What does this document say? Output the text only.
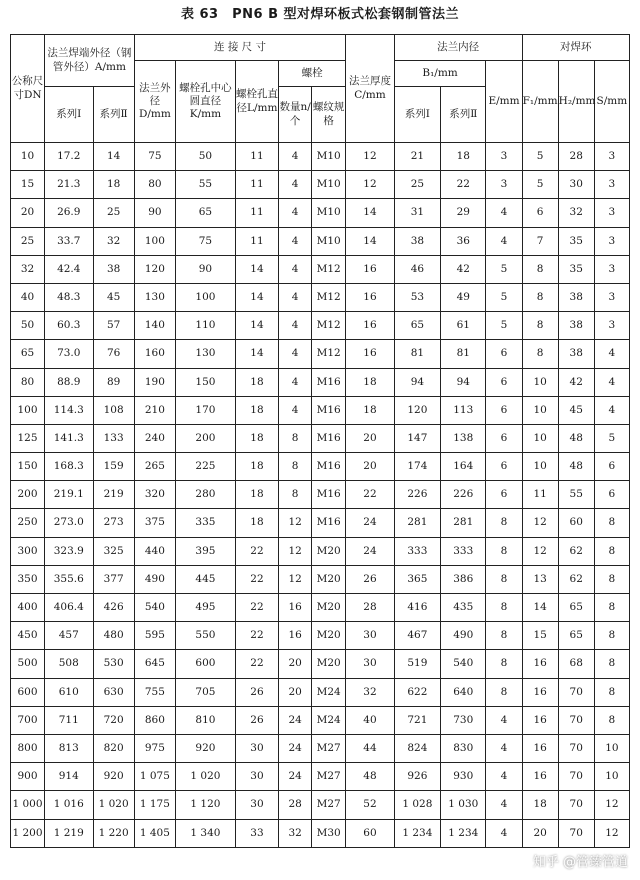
表 63　PN6 B 型对焊环板式松套钢制管法兰
公称尺寸DN	法兰焊端外径（钢管外径）A/mm		连 接 尺 寸					法兰厚度C/mm	法兰内径			对焊环		
			法兰外径D/mm	螺栓孔中心圆直径K/mm	螺栓孔直径L/mm	螺栓			B₁/mm		E/mm	F₁/mm	H₂/mm	S/mm
	系列Ⅰ	系列Ⅱ				数量n/个	螺纹规格		系列Ⅰ	系列Ⅱ				
10	17.2	14	75	50	11	4	M10	12	21	18	3	5	28	3
15	21.3	18	80	55	11	4	M10	12	25	22	3	5	30	3
20	26.9	25	90	65	11	4	M10	14	31	29	4	6	32	3
25	33.7	32	100	75	11	4	M10	14	38	36	4	7	35	3
32	42.4	38	120	90	14	4	M12	16	46	42	5	8	35	3
40	48.3	45	130	100	14	4	M12	16	53	49	5	8	38	3
50	60.3	57	140	110	14	4	M12	16	65	61	5	8	38	3
65	73.0	76	160	130	14	4	M12	16	81	81	6	8	38	4
80	88.9	89	190	150	18	4	M16	18	94	94	6	10	42	4
100	114.3	108	210	170	18	4	M16	18	120	113	6	10	45	4
125	141.3	133	240	200	18	8	M16	20	147	138	6	10	48	5
150	168.3	159	265	225	18	8	M16	20	174	164	6	10	48	6
200	219.1	219	320	280	18	8	M16	22	226	226	6	11	55	6
250	273.0	273	375	335	18	12	M16	24	281	281	8	12	60	8
300	323.9	325	440	395	22	12	M20	24	333	333	8	12	62	8
350	355.6	377	490	445	22	12	M20	26	365	386	8	13	62	8
400	406.4	426	540	495	22	16	M20	28	416	435	8	14	65	8
450	457	480	595	550	22	16	M20	30	467	490	8	15	65	8
500	508	530	645	600	22	20	M20	30	519	540	8	16	68	8
600	610	630	755	705	26	20	M24	32	622	640	8	16	70	8
700	711	720	860	810	26	24	M24	40	721	730	4	16	70	8
800	813	820	975	920	30	24	M27	44	824	830	4	16	70	10
900	914	920	1 075	1 020	30	24	M27	48	926	930	4	16	70	10
1 000	1 016	1 020	1 175	1 120	30	28	M27	52	1 028	1 030	4	18	70	12
1 200	1 219	1 220	1 405	1 340	33	32	M30	60	1 234	1 234	4	20	70	12
知乎 @管臻管道
